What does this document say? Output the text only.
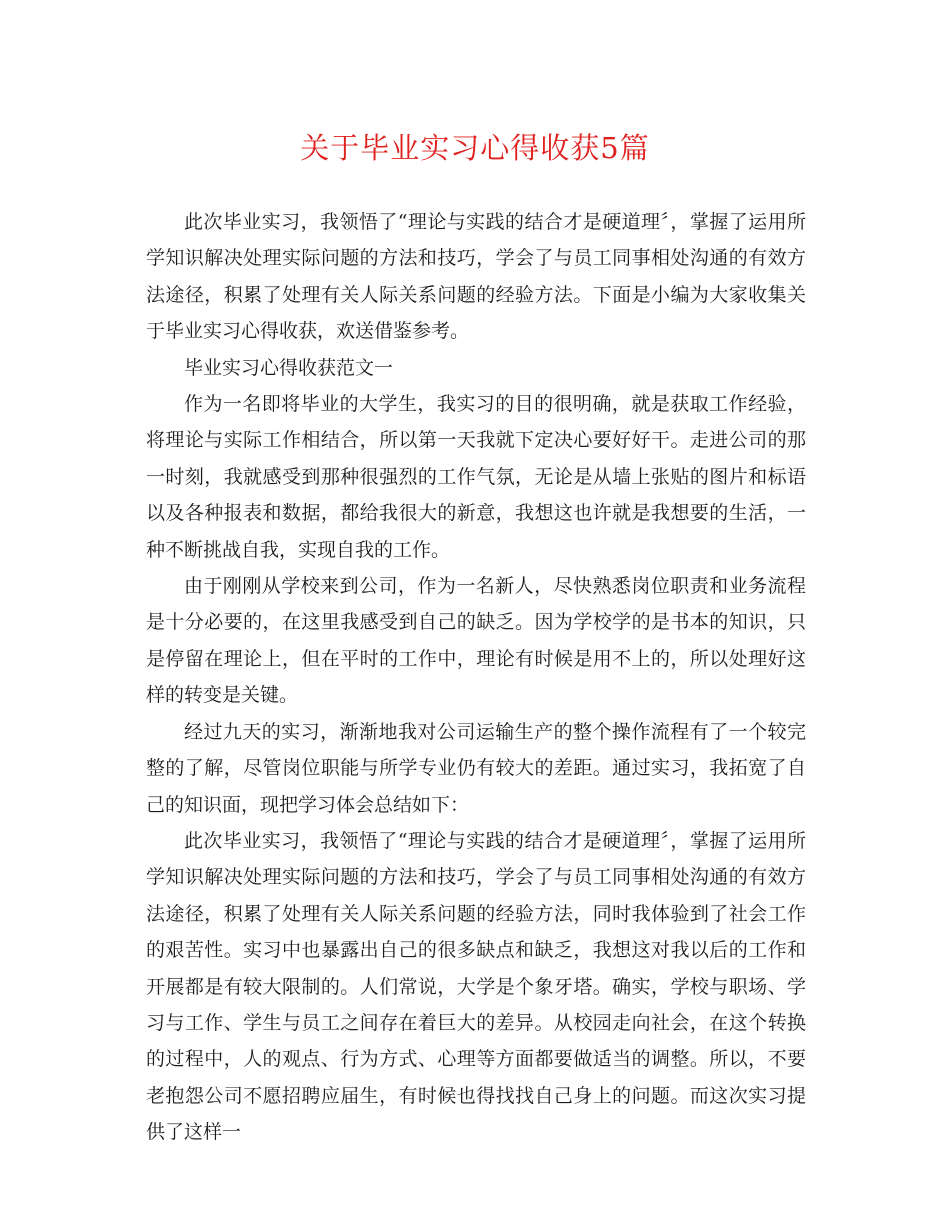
关于毕业实习心得收获5篇

此次毕业实习，我领悟了“理论与实践的结合才是硬道理〞，掌握了运用所学知识解决处理实际问题的方法和技巧，学会了与员工同事相处沟通的有效方法途径，积累了处理有关人际关系问题的经验方法。下面是小编为大家收集关于毕业实习心得收获，欢送借鉴参考。

毕业实习心得收获范文一

作为一名即将毕业的大学生，我实习的目的很明确，就是获取工作经验，将理论与实际工作相结合，所以第一天我就下定决心要好好干。走进公司的那一时刻，我就感受到那种很强烈的工作气氛，无论是从墙上张贴的图片和标语以及各种报表和数据，都给我很大的新意，我想这也许就是我想要的生活，一种不断挑战自我，实现自我的工作。

由于刚刚从学校来到公司，作为一名新人，尽快熟悉岗位职责和业务流程是十分必要的，在这里我感受到自己的缺乏。因为学校学的是书本的知识，只是停留在理论上，但在平时的工作中，理论有时候是用不上的，所以处理好这样的转变是关键。

经过九天的实习，渐渐地我对公司运输生产的整个操作流程有了一个较完整的了解，尽管岗位职能与所学专业仍有较大的差距。通过实习，我拓宽了自己的知识面，现把学习体会总结如下：

此次毕业实习，我领悟了“理论与实践的结合才是硬道理〞，掌握了运用所学知识解决处理实际问题的方法和技巧，学会了与员工同事相处沟通的有效方法途径，积累了处理有关人际关系问题的经验方法，同时我体验到了社会工作的艰苦性。实习中也暴露出自己的很多缺点和缺乏，我想这对我以后的工作和开展都是有较大限制的。人们常说，大学是个象牙塔。确实，学校与职场、学习与工作、学生与员工之间存在着巨大的差异。从校园走向社会，在这个转换的过程中，人的观点、行为方式、心理等方面都要做适当的调整。所以，不要老抱怨公司不愿招聘应届生，有时候也得找找自己身上的问题。而这次实习提供了这样一
